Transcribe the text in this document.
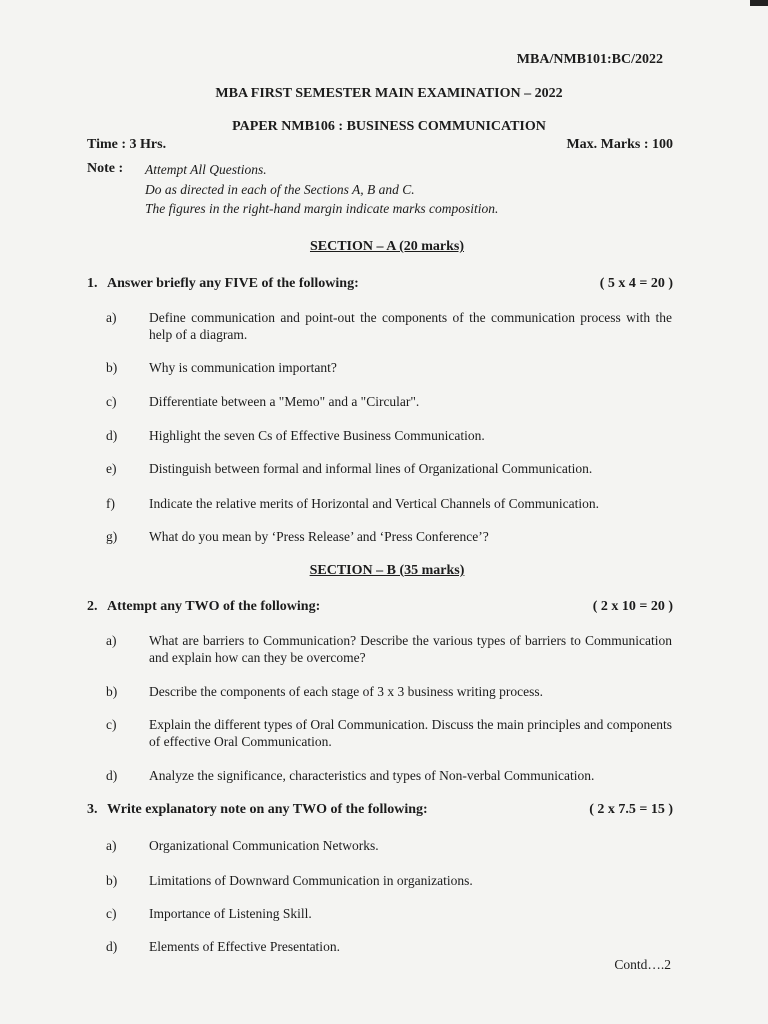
MBA/NMB101:BC/2022
MBA FIRST SEMESTER MAIN EXAMINATION – 2022
PAPER NMB106 : BUSINESS COMMUNICATION
Time : 3 Hrs.	Max. Marks : 100
Note : Attempt All Questions.
Do as directed in each of the Sections A, B and C.
The figures in the right-hand margin indicate marks composition.
SECTION – A (20 marks)
1. Answer briefly any FIVE of the following:	( 5 x 4 = 20 )
a) Define communication and point-out the components of the communication process with the help of a diagram.
b) Why is communication important?
c) Differentiate between a "Memo" and a "Circular".
d) Highlight the seven Cs of Effective Business Communication.
e) Distinguish between formal and informal lines of Organizational Communication.
f)	Indicate the relative merits of Horizontal and Vertical Channels of Communication.
g) What do you mean by ‘Press Release’ and ‘Press Conference’?
SECTION – B (35 marks)
2. Attempt any TWO of the following:	( 2 x 10 = 20 )
a) What are barriers to Communication? Describe the various types of barriers to Communication and explain how can they be overcome?
b) Describe the components of each stage of 3 x 3 business writing process.
c) Explain the different types of Oral Communication. Discuss the main principles and components of effective Oral Communication.
d) Analyze the significance, characteristics and types of Non-verbal Communication.
3. Write explanatory note on any TWO of the following:	( 2 x 7.5 = 15 )
a) Organizational Communication Networks.
b) Limitations of Downward Communication in organizations.
c) Importance of Listening Skill.
d) Elements of Effective Presentation.
Contd….2
